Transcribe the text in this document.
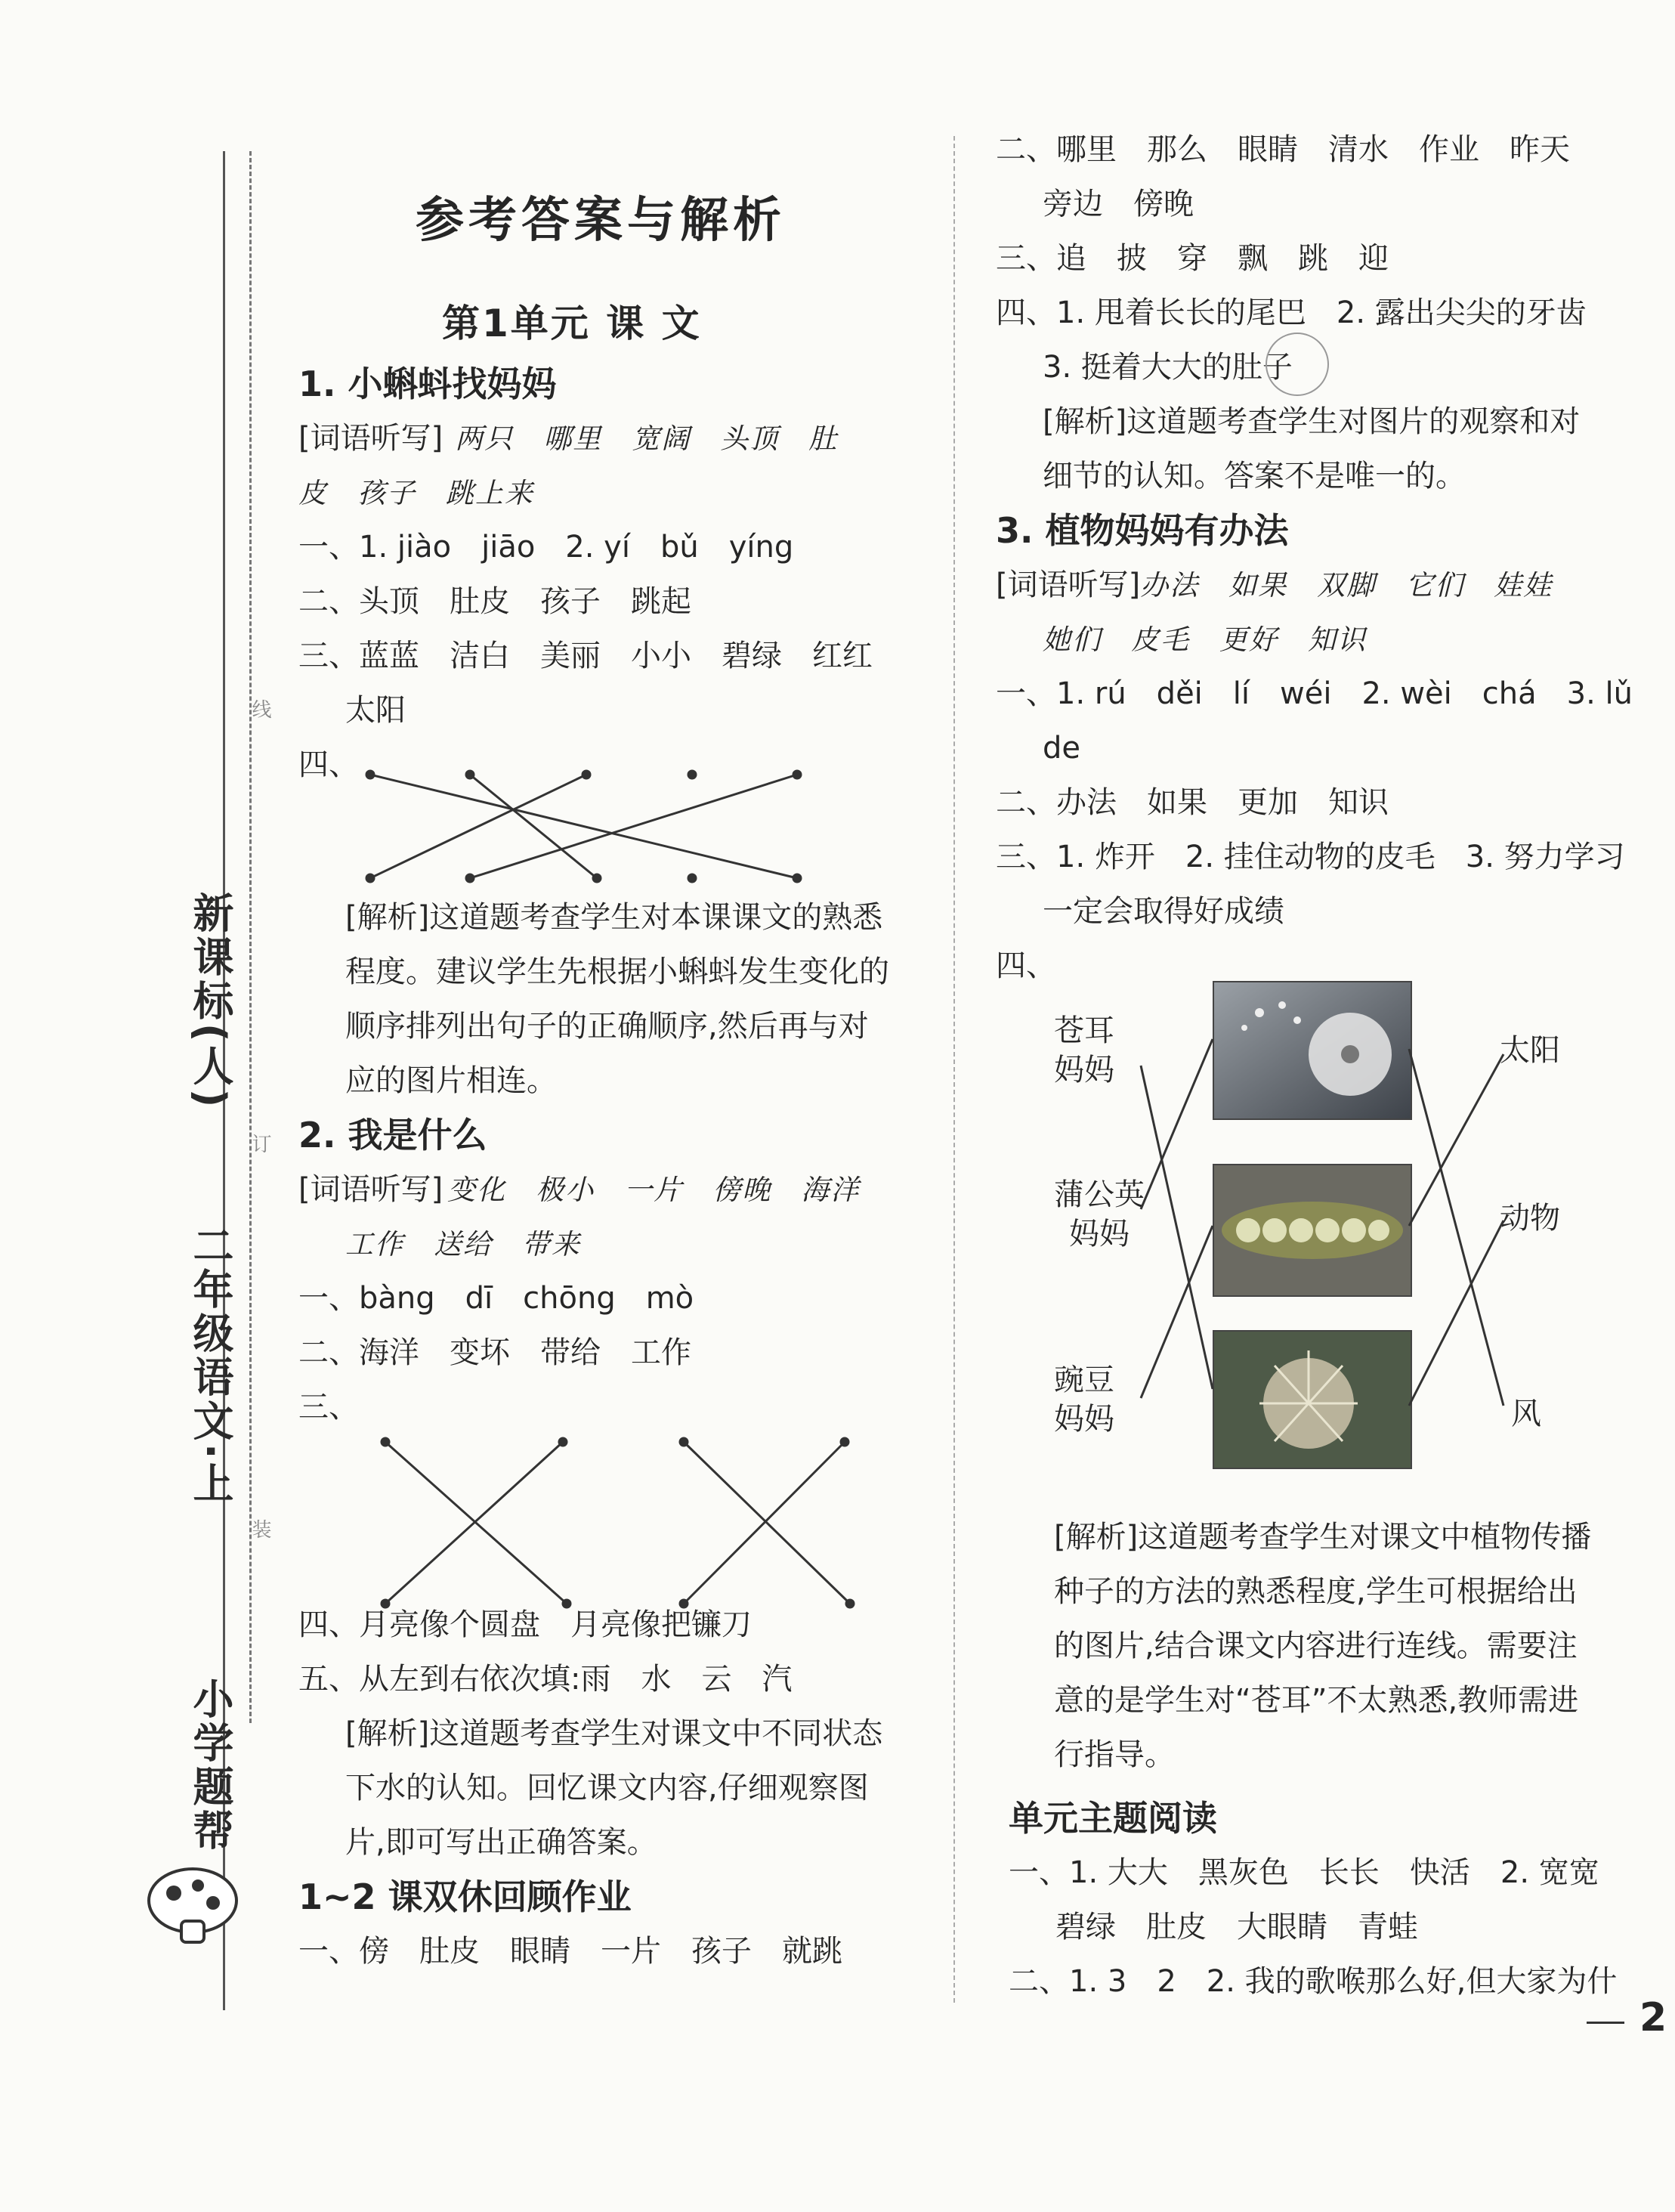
线
订
装
新课标(人)
二年级语文·上
小学题帮
参考答案与解析
第1单元 课 文
1. 小蝌蚪找妈妈
[词语听写] 两只　哪里　宽阔　头顶　肚
皮　孩子　跳上来
一、1. jiào　jiāo　2. yí　bǔ　yíng
二、头顶　肚皮　孩子　跳起
三、蓝蓝　洁白　美丽　小小　碧绿　红红
太阳
四、
[解析]这道题考查学生对本课课文的熟悉
程度。建议学生先根据小蝌蚪发生变化的
顺序排列出句子的正确顺序,然后再与对
应的图片相连。
2. 我是什么
[词语听写] 变化　极小　一片　傍晚　海洋
工作　送给　带来
一、bàng　dī　chōng　mò
二、海洋　变坏　带给　工作
三、
四、月亮像个圆盘　月亮像把镰刀
五、从左到右依次填:雨　水　云　汽
[解析]这道题考查学生对课文中不同状态
下水的认知。回忆课文内容,仔细观察图
片,即可写出正确答案。
1~2 课双休回顾作业
一、傍　肚皮　眼睛　一片　孩子　就跳
二、哪里　那么　眼睛　清水　作业　昨天
旁边　傍晚
三、追　披　穿　飘　跳　迎
四、1. 甩着长长的尾巴　2. 露出尖尖的牙齿
3. 挺着大大的肚子
[解析]这道题考查学生对图片的观察和对
细节的认知。答案不是唯一的。
3. 植物妈妈有办法
[词语听写]办法　如果　双脚　它们　娃娃
她们　皮毛　更好　知识
一、1. rú　děi　lí　wéi　2. wèi　chá　3. lǔ
de
二、办法　如果　更加　知识
三、1. 炸开　2. 挂住动物的皮毛　3. 努力学习
一定会取得好成绩
四、
苍耳
妈妈
蒲公英
妈妈
豌豆
妈妈
太阳
动物
风
[解析]这道题考查学生对课文中植物传播
种子的方法的熟悉程度,学生可根据给出
的图片,结合课文内容进行连线。需要注
意的是学生对“苍耳”不太熟悉,教师需进
行指导。
单元主题阅读
一、1. 大大　黑灰色　长长　快活　2. 宽宽
碧绿　肚皮　大眼睛　青蛙
二、1. 3　2　2. 我的歌喉那么好,但大家为什
2
